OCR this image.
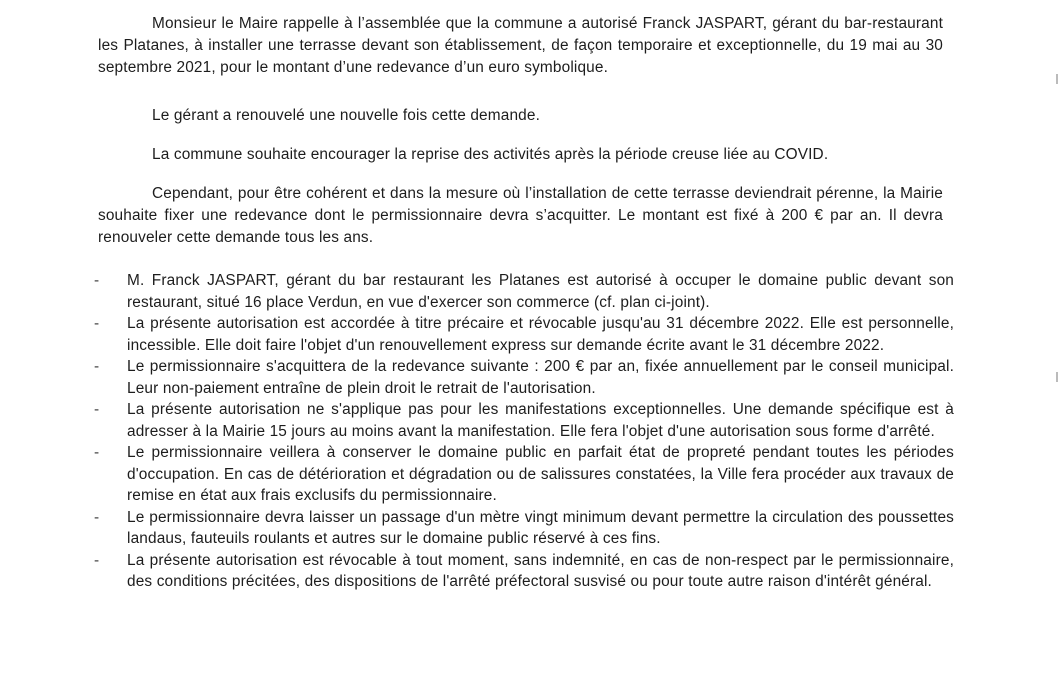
Monsieur le Maire rappelle à l’assemblée que la commune a autorisé Franck JASPART, gérant du bar-restaurant les Platanes, à installer une terrasse devant son établissement, de façon temporaire et exceptionnelle, du 19 mai au 30 septembre 2021, pour le montant d’une redevance d’un euro symbolique.

Le gérant a renouvelé une nouvelle fois cette demande.

La commune souhaite encourager la reprise des activités après la période creuse liée au COVID.

Cependant, pour être cohérent et dans la mesure où l’installation de cette terrasse deviendrait pérenne, la Mairie souhaite fixer une redevance dont le permissionnaire devra s’acquitter. Le montant est fixé à 200 € par an. Il devra renouveler cette demande tous les ans.

- M. Franck JASPART, gérant du bar restaurant les Platanes est autorisé à occuper le domaine public devant son restaurant, situé 16 place Verdun, en vue d'exercer son commerce (cf. plan ci-joint).
- La présente autorisation est accordée à titre précaire et révocable jusqu'au 31 décembre 2022. Elle est personnelle, incessible. Elle doit faire l'objet d'un renouvellement express sur demande écrite avant le 31 décembre 2022.
- Le permissionnaire s'acquittera de la redevance suivante : 200 € par an, fixée annuellement par le conseil municipal. Leur non-paiement entraîne de plein droit le retrait de l'autorisation.
- La présente autorisation ne s'applique pas pour les manifestations exceptionnelles. Une demande spécifique est à adresser à la Mairie 15 jours au moins avant la manifestation. Elle fera l'objet d'une autorisation sous forme d'arrêté.
- Le permissionnaire veillera à conserver le domaine public en parfait état de propreté pendant toutes les périodes d'occupation. En cas de détérioration et dégradation ou de salissures constatées, la Ville fera procéder aux travaux de remise en état aux frais exclusifs du permissionnaire.
- Le permissionnaire devra laisser un passage d'un mètre vingt minimum devant permettre la circulation des poussettes landaus, fauteuils roulants et autres sur le domaine public réservé à ces fins.
- La présente autorisation est révocable à tout moment, sans indemnité, en cas de non-respect par le permissionnaire, des conditions précitées, des dispositions de l'arrêté préfectoral susvisé ou pour toute autre raison d'intérêt général.
